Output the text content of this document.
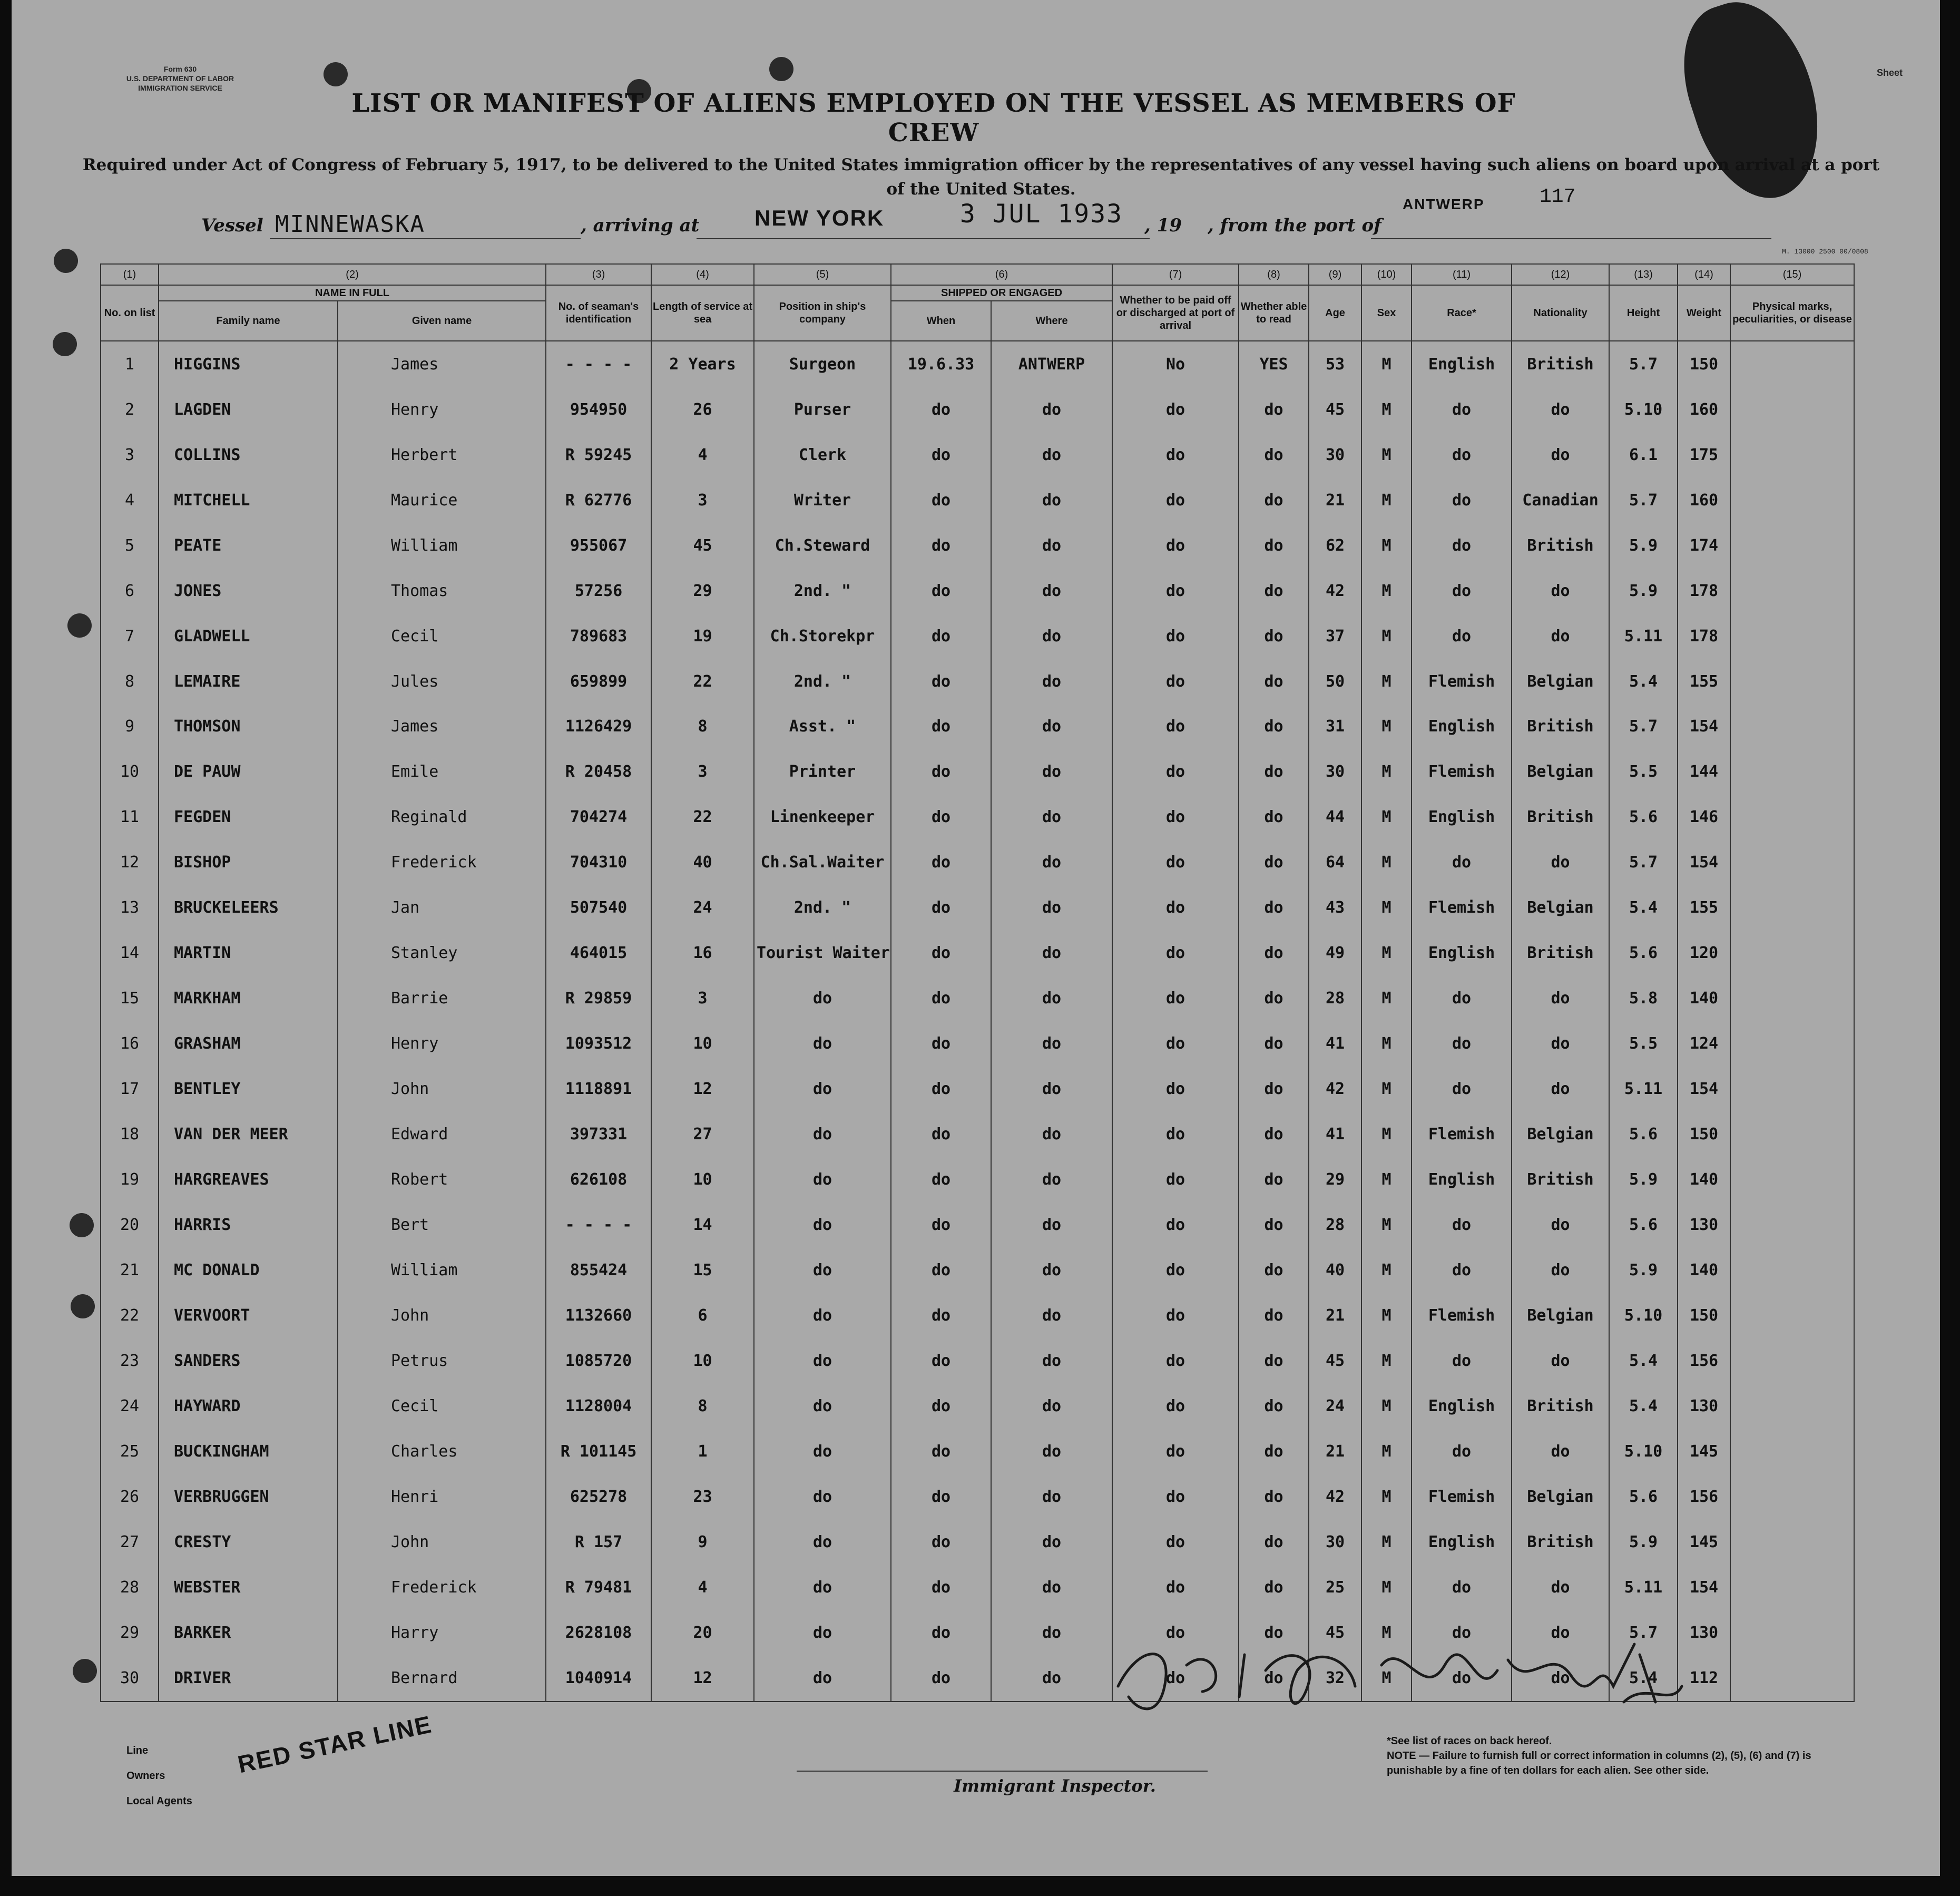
Form 630
U.S. DEPARTMENT OF LABOR
IMMIGRATION SERVICE
Sheet
LIST OR MANIFEST OF ALIENS EMPLOYED ON THE VESSEL AS MEMBERS OF CREW
Required under Act of Congress of February 5, 1917, to be delivered to the United States immigration officer by the representatives of any vessel having such aliens on board upon arrival at a port of the United States.	117
Vessel MINNEWASKA	, arriving at NEW YORK	3 JUL 1933 , 19 , from the port of
ANTWERP
M. 13000 2500 00/0808
(1)	(2)		(3)	(4)	(5)	(6)		(7)	(8)	(9)	(10)	(11)	(12)	(13)	(14)	(15)
No. on list	NAME IN FULL		No. of seaman's identification	Length of service at sea	Position in ship's company	SHIPPED OR ENGAGED		Whether to be paid off or discharged at port of arrival	Whether able to read	Age	Sex	Race*	Nationality	Height	Weight	Physical marks, peculiarities, or disease
	Family name	Given name				When	Where									
1	HIGGINS	James	- - - -	2 Years	Surgeon	19.6.33	ANTWERP	No	YES	53	M	English	British	5.7	150	
2	LAGDEN	Henry	954950	26	Purser	do	do	do	do	45	M	do	do	5.10	160	
3	COLLINS	Herbert	R 59245	4	Clerk	do	do	do	do	30	M	do	do	6.1	175	
4	MITCHELL	Maurice	R 62776	3	Writer	do	do	do	do	21	M	do	Canadian	5.7	160	
5	PEATE	William	955067	45	Ch.Steward	do	do	do	do	62	M	do	British	5.9	174	
6	JONES	Thomas	57256	29	2nd. "	do	do	do	do	42	M	do	do	5.9	178	
7	GLADWELL	Cecil	789683	19	Ch.Storekpr	do	do	do	do	37	M	do	do	5.11	178	
8	LEMAIRE	Jules	659899	22	2nd. "	do	do	do	do	50	M	Flemish	Belgian	5.4	155	
9	THOMSON	James	1126429	8	Asst. "	do	do	do	do	31	M	English	British	5.7	154	
10	DE PAUW	Emile	R 20458	3	Printer	do	do	do	do	30	M	Flemish	Belgian	5.5	144	
11	FEGDEN	Reginald	704274	22	Linenkeeper	do	do	do	do	44	M	English	British	5.6	146	
12	BISHOP	Frederick	704310	40	Ch.Sal.Waiter	do	do	do	do	64	M	do	do	5.7	154	
13	BRUCKELEERS	Jan	507540	24	2nd. "	do	do	do	do	43	M	Flemish	Belgian	5.4	155	
14	MARTIN	Stanley	464015	16	Tourist Waiter	do	do	do	do	49	M	English	British	5.6	120	
15	MARKHAM	Barrie	R 29859	3	do	do	do	do	do	28	M	do	do	5.8	140	
16	GRASHAM	Henry	1093512	10	do	do	do	do	do	41	M	do	do	5.5	124	
17	BENTLEY	John	1118891	12	do	do	do	do	do	42	M	do	do	5.11	154	
18	VAN DER MEER	Edward	397331	27	do	do	do	do	do	41	M	Flemish	Belgian	5.6	150	
19	HARGREAVES	Robert	626108	10	do	do	do	do	do	29	M	English	British	5.9	140	
20	HARRIS	Bert	- - - -	14	do	do	do	do	do	28	M	do	do	5.6	130	
21	MC DONALD	William	855424	15	do	do	do	do	do	40	M	do	do	5.9	140	
22	VERVOORT	John	1132660	6	do	do	do	do	do	21	M	Flemish	Belgian	5.10	150	
23	SANDERS	Petrus	1085720	10	do	do	do	do	do	45	M	do	do	5.4	156	
24	HAYWARD	Cecil	1128004	8	do	do	do	do	do	24	M	English	British	5.4	130	
25	BUCKINGHAM	Charles	R 101145	1	do	do	do	do	do	21	M	do	do	5.10	145	
26	VERBRUGGEN	Henri	625278	23	do	do	do	do	do	42	M	Flemish	Belgian	5.6	156	
27	CRESTY	John	R 157	9	do	do	do	do	do	30	M	English	British	5.9	145	
28	WEBSTER	Frederick	R 79481	4	do	do	do	do	do	25	M	do	do	5.11	154	
29	BARKER	Harry	2628108	20	do	do	do	do	do	45	M	do	do	5.7	130	
30	DRIVER	Bernard	1040914	12	do	do	do	do	do	32	M	do	do	5.4	112	
Line
Owners
Local Agents
RED STAR LINE
Immigrant Inspector.
*See list of races on back hereof.
NOTE — Failure to furnish full or correct information in columns (2), (5), (6) and (7) is punishable by a fine of ten dollars for each alien. See other side.
